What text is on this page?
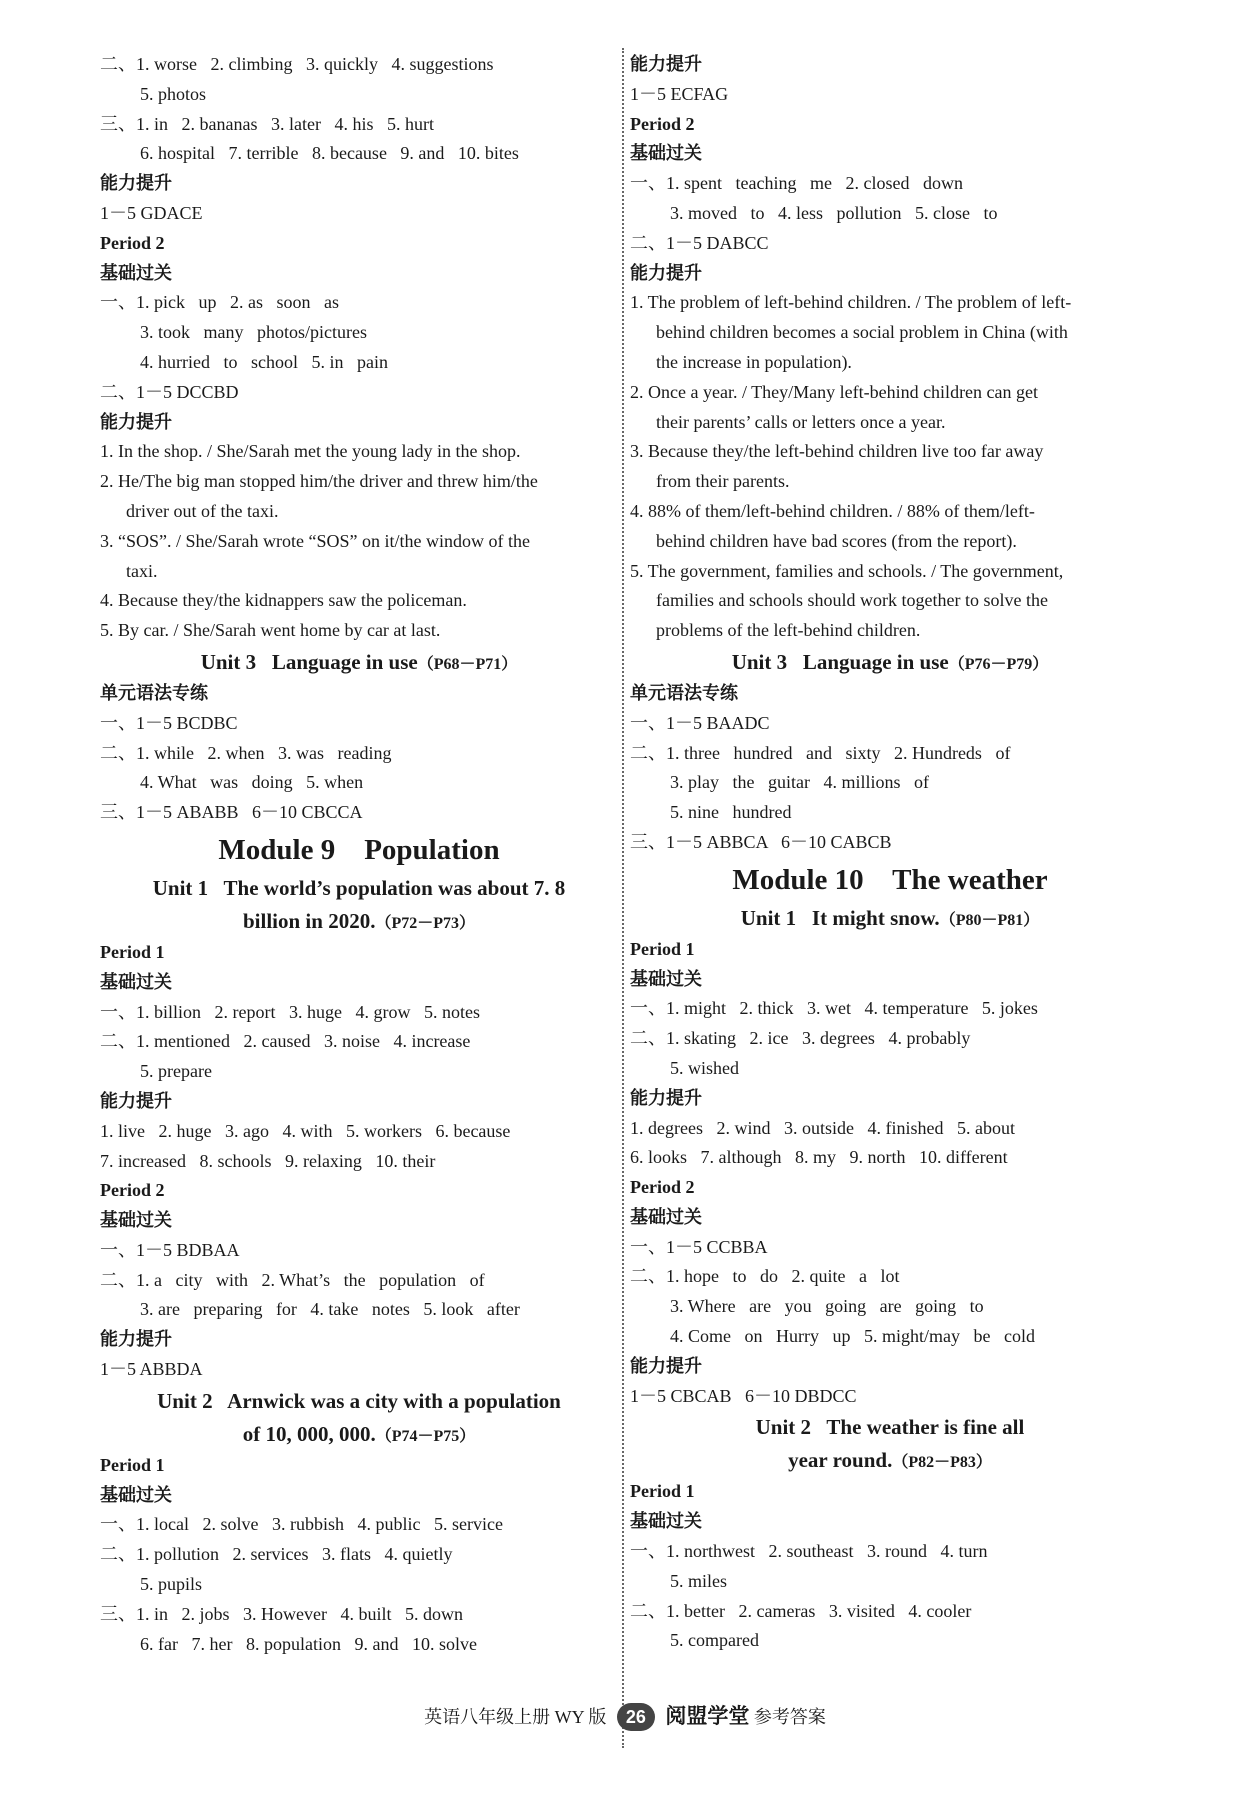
二、1. worse   2. climbing   3. quickly   4. suggestions
5. photos
三、1. in   2. bananas   3. later   4. his   5. hurt
6. hospital   7. terrible   8. because   9. and   10. bites
能力提升
1－5 GDACE
Period 2
基础过关
一、1. pick   up   2. as   soon   as
3. took   many   photos/pictures
4. hurried   to   school   5. in   pain
二、1－5 DCCBD
能力提升
1. In the shop. / She/Sarah met the young lady in the shop.
2. He/The big man stopped him/the driver and threw him/the
driver out of the taxi.
3. “SOS”. / She/Sarah wrote “SOS” on it/the window of the
taxi.
4. Because they/the kidnappers saw the policeman.
5. By car. / She/Sarah went home by car at last.
Unit 3   Language in use（P68－P71）
单元语法专练
一、1－5 BCDBC
二、1. while   2. when   3. was   reading
4. What   was   doing   5. when
三、1－5 ABABB   6－10 CBCCA
Module 9    Population
Unit 1   The world’s population was about 7. 8
billion in 2020.（P72－P73）
Period 1
基础过关
一、1. billion   2. report   3. huge   4. grow   5. notes
二、1. mentioned   2. caused   3. noise   4. increase
5. prepare
能力提升
1. live   2. huge   3. ago   4. with   5. workers   6. because
7. increased   8. schools   9. relaxing   10. their
Period 2
基础过关
一、1－5 BDBAA
二、1. a   city   with   2. What’s   the   population   of
3. are   preparing   for   4. take   notes   5. look   after
能力提升
1－5 ABBDA
Unit 2   Arnwick was a city with a population
of 10, 000, 000.（P74－P75）
Period 1
基础过关
一、1. local   2. solve   3. rubbish   4. public   5. service
二、1. pollution   2. services   3. flats   4. quietly
5. pupils
三、1. in   2. jobs   3. However   4. built   5. down
6. far   7. her   8. population   9. and   10. solve
能力提升
1－5 ECFAG
Period 2
基础过关
一、1. spent   teaching   me   2. closed   down
3. moved   to   4. less   pollution   5. close   to
二、1－5 DABCC
能力提升
1. The problem of left-behind children. / The problem of left-
behind children becomes a social problem in China (with
the increase in population).
2. Once a year. / They/Many left-behind children can get
their parents’ calls or letters once a year.
3. Because they/the left-behind children live too far away
from their parents.
4. 88% of them/left-behind children. / 88% of them/left-
behind children have bad scores (from the report).
5. The government, families and schools. / The government,
families and schools should work together to solve the
problems of the left-behind children.
Unit 3   Language in use（P76－P79）
单元语法专练
一、1－5 BAADC
二、1. three   hundred   and   sixty   2. Hundreds   of
3. play   the   guitar   4. millions   of
5. nine   hundred
三、1－5 ABBCA   6－10 CABCB
Module 10    The weather
Unit 1   It might snow.（P80－P81）
Period 1
基础过关
一、1. might   2. thick   3. wet   4. temperature   5. jokes
二、1. skating   2. ice   3. degrees   4. probably
5. wished
能力提升
1. degrees   2. wind   3. outside   4. finished   5. about
6. looks   7. although   8. my   9. north   10. different
Period 2
基础过关
一、1－5 CCBBA
二、1. hope   to   do   2. quite   a   lot
3. Where   are   you   going   are   going   to
4. Come   on   Hurry   up   5. might/may   be   cold
能力提升
1－5 CBCAB   6－10 DBDCC
Unit 2   The weather is fine all
year round.（P82－P83）
Period 1
基础过关
一、1. northwest   2. southeast   3. round   4. turn
5. miles
二、1. better   2. cameras   3. visited   4. cooler
5. compared
英语八年级上册 WY 版 26 阅盟学堂 参考答案
